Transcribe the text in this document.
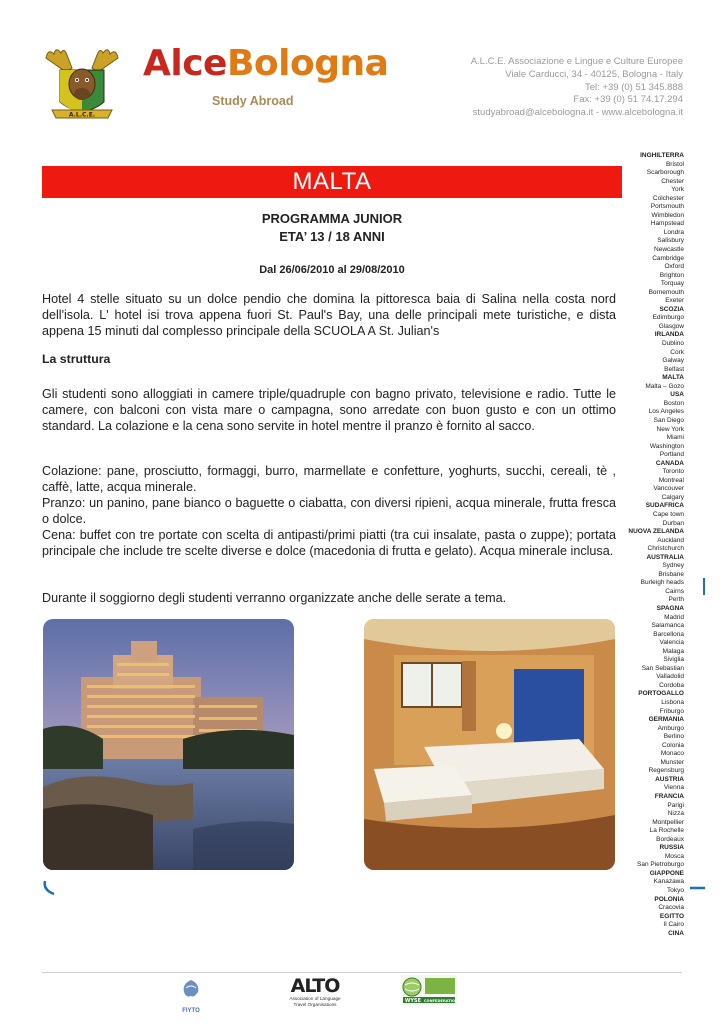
A.L.C.E.
AlceBologna
Study Abroad
A.L.C.E. Associazione e Lingue e Culture Europee
Viale Carducci, 34 - 40125, Bologna - Italy
Tel: +39 (0) 51 345.888
Fax: +39 (0) 51 74.17.294
studyabroad@alcebologna.it - www.alcebologna.it
MALTA
PROGRAMMA JUNIOR
ETA’ 13 / 18 ANNI
Dal 26/06/2010 al 29/08/2010
Hotel 4 stelle situato su un dolce pendio che domina la pittoresca baia di Salina nella costa nord dell'isola. L' hotel isi trova appena fuori St. Paul's Bay, una delle principali mete turistiche, e dista appena 15 minuti dal complesso principale della SCUOLA A St. Julian's
La struttura
Gli studenti sono alloggiati in camere triple/quadruple con bagno privato, televisione e radio. Tutte le camere, con balconi con vista mare o campagna, sono arredate con buon gusto e con un ottimo standard. La colazione e la cena sono servite in hotel mentre il pranzo è fornito al sacco.
Colazione: pane, prosciutto, formaggi, burro, marmellate e confetture, yoghurts, succhi, cereali, tè , caffè, latte, acqua minerale.
Pranzo: un panino, pane bianco o baguette o ciabatta, con diversi ripieni, acqua minerale, frutta fresca o dolce.
Cena: buffet con tre portate con scelta di antipasti/primi piatti (tra cui insalate, pasta o zuppe); portata principale che include tre scelte diverse e dolce (macedonia di frutta e gelato). Acqua minerale inclusa.
Durante il soggiorno degli studenti verranno organizzate anche delle serate a tema.
INGHILTERRA
Bristol
Scarborough
Chester
York
Colchester
Portsmouth
Wimbledon
Hampstead
Londra
Salisbury
Newcastle
Cambridge
Oxford
Brighton
Torquay
Bornemouth
Exeter
SCOZIA
Edimburgo
Glasgow
IRLANDA
Dublino
Cork
Galway
Belfast
MALTA
Malta – Gozo
USA
Boston
Los Angeles
San Diego
New York
Miami
Washington
Portland
CANADA
Toronto
Montreal
Vancouver
Calgary
SUDAFRICA
Cape town
Durban
NUOVA ZELANDA
Auckland
Christchurch
AUSTRALIA
Sydney
Brisbane
Burleigh heads
Cairns
Perth
SPAGNA
Madrid
Salamanca
Barcellona
Valencia
Malaga
Siviglia
San Sebastian
Valladolid
Cordoba
PORTOGALLO
Lisbona
Friburgo
GERMANIA
Amburgo
Berlino
Colonia
Monaco
Munster
Regensburg
AUSTRIA
Vienna
FRANCIA
Parigi
Nizza
Montpellier
La Rochelle
Bordeaux
RUSSIA
Mosca
San Pietroburgo
GIAPPONE
Kanazawa
Tokyo
POLONIA
Cracovia
EGITTO
Il Cairo
CINA
FIYTO
ALTO
Association of Language
Travel Organisations
WYSE CONFEDERATION
